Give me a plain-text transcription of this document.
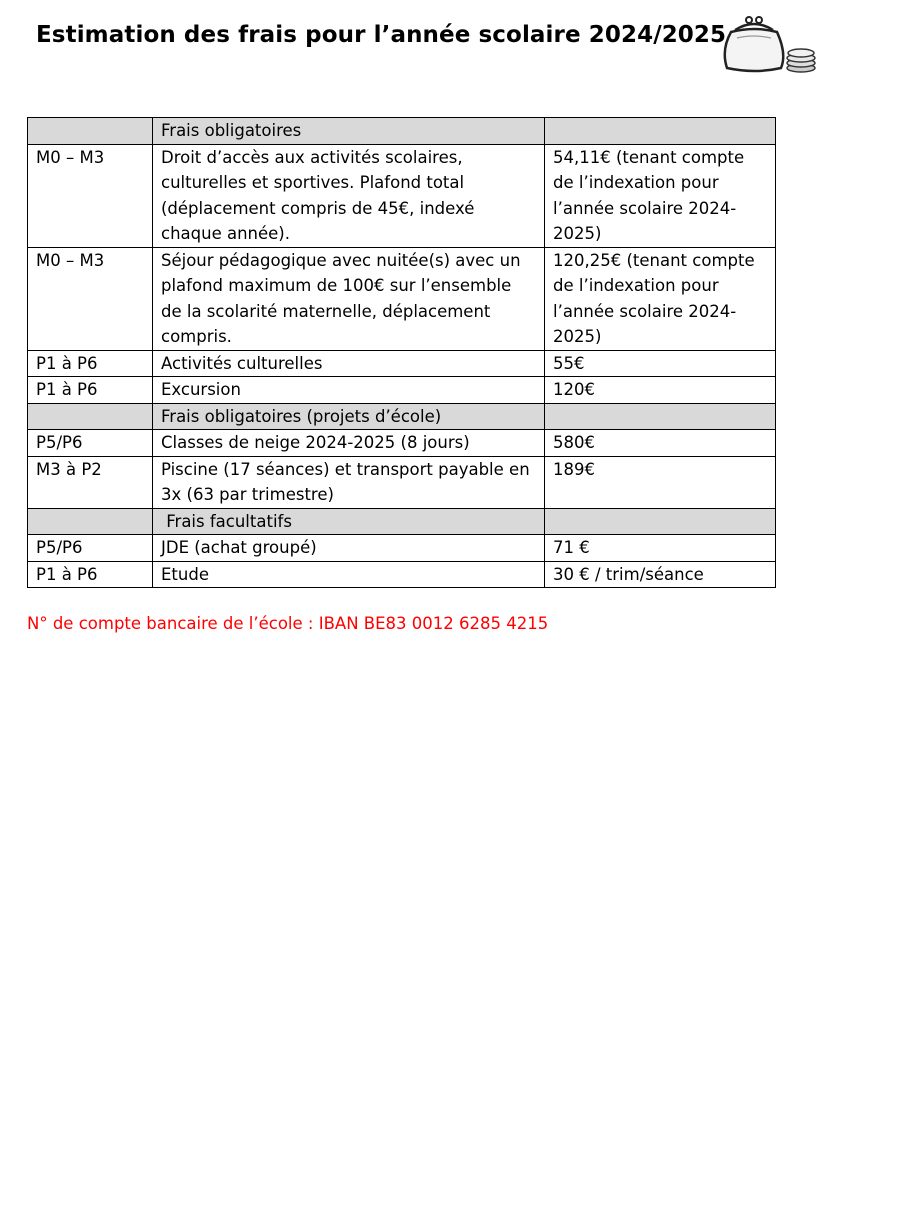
Estimation des frais pour l’année scolaire 2024/2025
	Frais obligatoires	
M0 – M3	Droit d’accès aux activités scolaires, culturelles et sportives. Plafond total (déplacement compris de 45€, indexé chaque année).	54,11€ (tenant compte de l’indexation pour l’année scolaire 2024-2025)
M0 – M3	Séjour pédagogique avec nuitée(s) avec un plafond maximum de 100€ sur l’ensemble de la scolarité maternelle, déplacement compris.	120,25€ (tenant compte de l’indexation pour l’année scolaire 2024-2025)
P1 à P6	Activités culturelles	55€
P1 à P6	Excursion	120€
	Frais obligatoires (projets d’école)	
P5/P6	Classes de neige 2024-2025 (8 jours)	580€
M3 à P2	Piscine (17 séances) et transport payable en 3x (63 par trimestre)	189€
	Frais facultatifs	
P5/P6	JDE (achat groupé)	71 €
P1 à P6	Etude	30 € / trim/séance
N° de compte bancaire de l’école : IBAN BE83 0012 6285 4215
